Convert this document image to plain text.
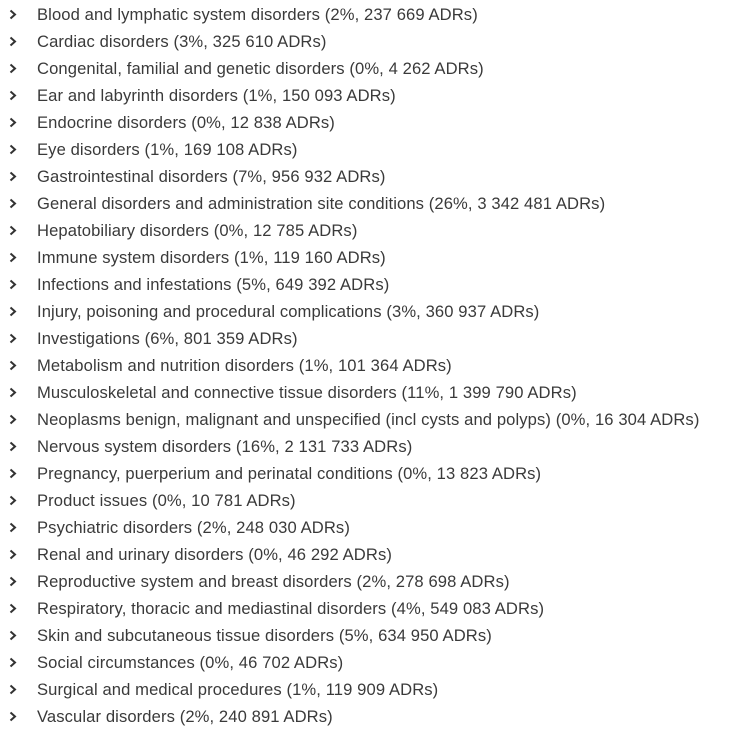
Blood and lymphatic system disorders (2%, 237 669 ADRs)
Cardiac disorders (3%, 325 610 ADRs)
Congenital, familial and genetic disorders (0%, 4 262 ADRs)
Ear and labyrinth disorders (1%, 150 093 ADRs)
Endocrine disorders (0%, 12 838 ADRs)
Eye disorders (1%, 169 108 ADRs)
Gastrointestinal disorders (7%, 956 932 ADRs)
General disorders and administration site conditions (26%, 3 342 481 ADRs)
Hepatobiliary disorders (0%, 12 785 ADRs)
Immune system disorders (1%, 119 160 ADRs)
Infections and infestations (5%, 649 392 ADRs)
Injury, poisoning and procedural complications (3%, 360 937 ADRs)
Investigations (6%, 801 359 ADRs)
Metabolism and nutrition disorders (1%, 101 364 ADRs)
Musculoskeletal and connective tissue disorders (11%, 1 399 790 ADRs)
Neoplasms benign, malignant and unspecified (incl cysts and polyps) (0%, 16 304 ADRs)
Nervous system disorders (16%, 2 131 733 ADRs)
Pregnancy, puerperium and perinatal conditions (0%, 13 823 ADRs)
Product issues (0%, 10 781 ADRs)
Psychiatric disorders (2%, 248 030 ADRs)
Renal and urinary disorders (0%, 46 292 ADRs)
Reproductive system and breast disorders (2%, 278 698 ADRs)
Respiratory, thoracic and mediastinal disorders (4%, 549 083 ADRs)
Skin and subcutaneous tissue disorders (5%, 634 950 ADRs)
Social circumstances (0%, 46 702 ADRs)
Surgical and medical procedures (1%, 119 909 ADRs)
Vascular disorders (2%, 240 891 ADRs)
